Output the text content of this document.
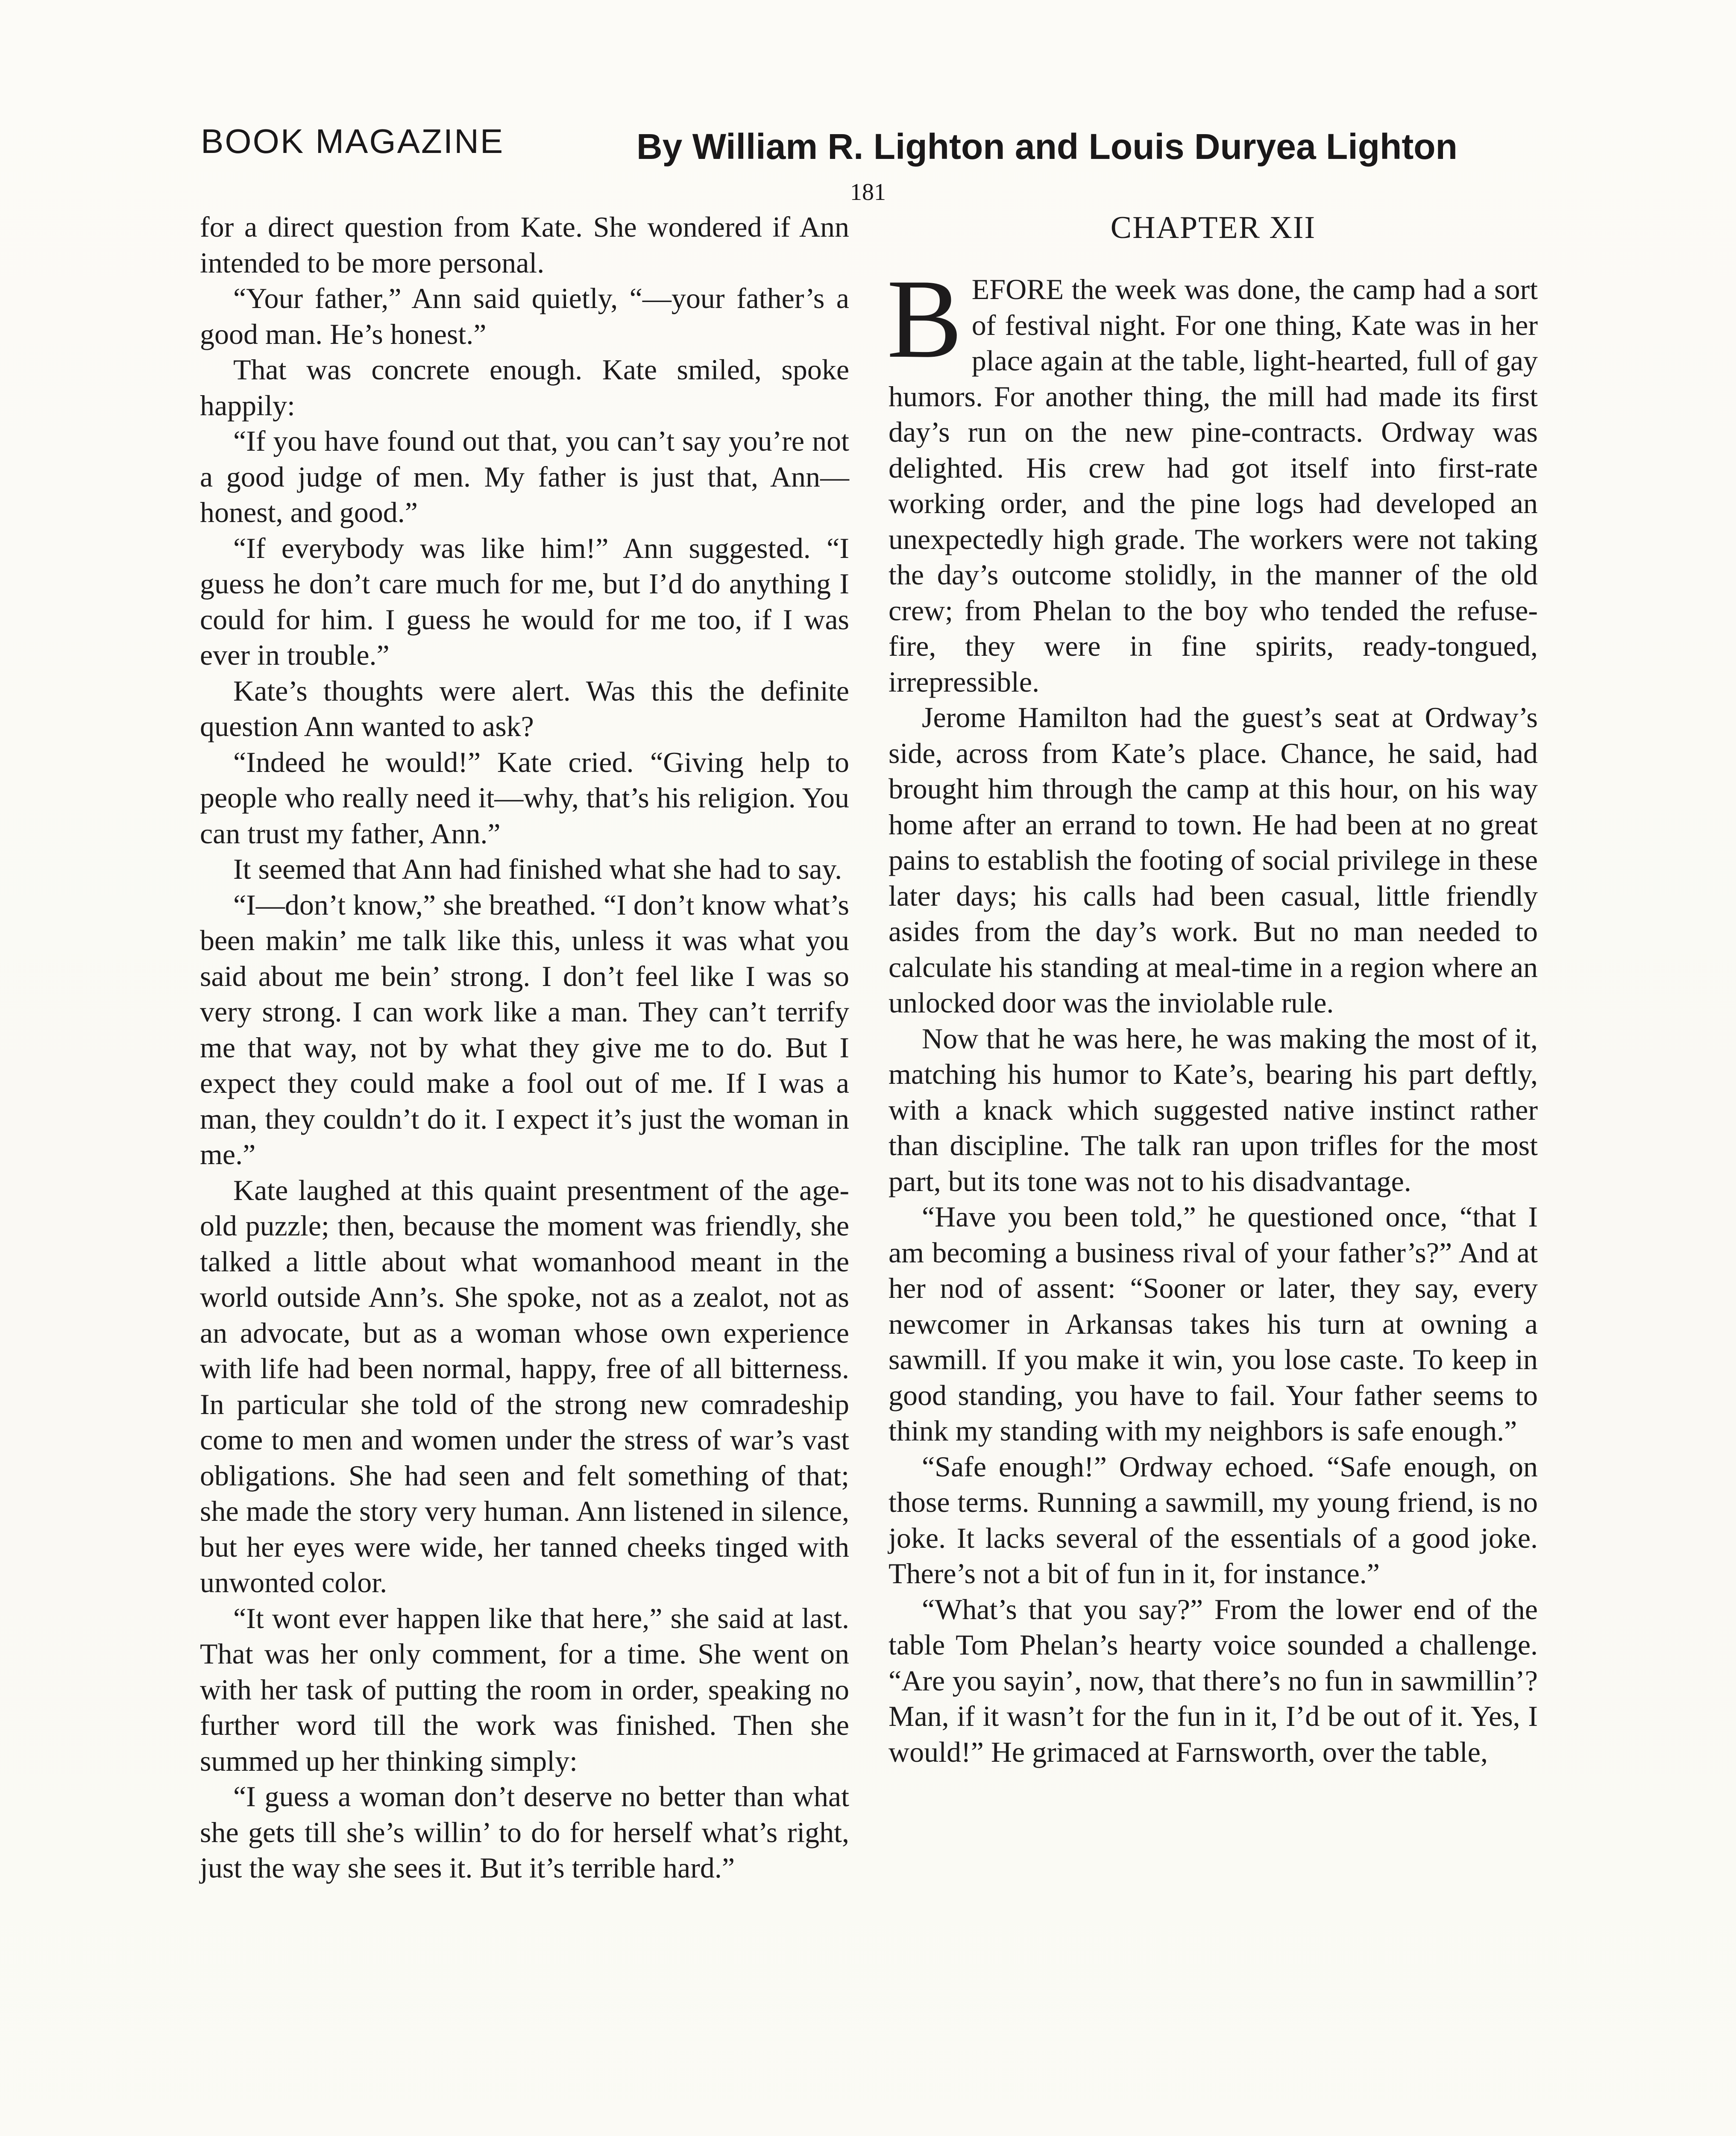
BOOK MAGAZINE	By William R. Lighton and Louis Duryea Lighton
181

for a direct question from Kate. She wondered if Ann intended to be more personal.

“Your father,” Ann said quietly, “—your father’s a good man. He’s honest.”

That was concrete enough. Kate smiled, spoke happily:

“If you have found out that, you can’t say you’re not a good judge of men. My father is just that, Ann—honest, and good.”

“If everybody was like him!” Ann suggested. “I guess he don’t care much for me, but I’d do anything I could for him. I guess he would for me too, if I was ever in trouble.”

Kate’s thoughts were alert. Was this the definite question Ann wanted to ask?

“Indeed he would!” Kate cried. “Giving help to people who really need it—why, that’s his religion. You can trust my father, Ann.”

It seemed that Ann had finished what she had to say.

“I—don’t know,” she breathed. “I don’t know what’s been makin’ me talk like this, unless it was what you said about me bein’ strong. I don’t feel like I was so very strong. I can work like a man. They can’t terrify me that way, not by what they give me to do. But I expect they could make a fool out of me. If I was a man, they couldn’t do it. I expect it’s just the woman in me.”

Kate laughed at this quaint presentment of the age-old puzzle; then, because the moment was friendly, she talked a little about what womanhood meant in the world outside Ann’s. She spoke, not as a zealot, not as an advocate, but as a woman whose own experience with life had been normal, happy, free of all bitterness. In particular she told of the strong new comradeship come to men and women under the stress of war’s vast obligations. She had seen and felt something of that; she made the story very human. Ann listened in silence, but her eyes were wide, her tanned cheeks tinged with unwonted color.

“It wont ever happen like that here,” she said at last. That was her only comment, for a time. She went on with her task of putting the room in order, speaking no further word till the work was finished. Then she summed up her thinking simply:

“I guess a woman don’t deserve no better than what she gets till she’s willin’ to do for herself what’s right, just the way she sees it. But it’s terrible hard.”

CHAPTER XII

BEFORE the week was done, the camp had a sort of festival night. For one thing, Kate was in her place again at the table, light-hearted, full of gay humors. For another thing, the mill had made its first day’s run on the new pine-contracts. Ordway was delighted. His crew had got itself into first-rate working order, and the pine logs had developed an unexpectedly high grade. The workers were not taking the day’s outcome stolidly, in the manner of the old crew; from Phelan to the boy who tended the refuse-fire, they were in fine spirits, ready-tongued, irrepressible.

Jerome Hamilton had the guest’s seat at Ordway’s side, across from Kate’s place. Chance, he said, had brought him through the camp at this hour, on his way home after an errand to town. He had been at no great pains to establish the footing of social privilege in these later days; his calls had been casual, little friendly asides from the day’s work. But no man needed to calculate his standing at meal-time in a region where an unlocked door was the inviolable rule.

Now that he was here, he was making the most of it, matching his humor to Kate’s, bearing his part deftly, with a knack which suggested native instinct rather than discipline. The talk ran upon trifles for the most part, but its tone was not to his disadvantage.

“Have you been told,” he questioned once, “that I am becoming a business rival of your father’s?” And at her nod of assent: “Sooner or later, they say, every newcomer in Arkansas takes his turn at owning a sawmill. If you make it win, you lose caste. To keep in good standing, you have to fail. Your father seems to think my standing with my neighbors is safe enough.”

“Safe enough!” Ordway echoed. “Safe enough, on those terms. Running a sawmill, my young friend, is no joke. It lacks several of the essentials of a good joke. There’s not a bit of fun in it, for instance.”

“What’s that you say?” From the lower end of the table Tom Phelan’s hearty voice sounded a challenge. “Are you sayin’, now, that there’s no fun in sawmillin’? Man, if it wasn’t for the fun in it, I’d be out of it. Yes, I would!” He grimaced at Farnsworth, over the table,
